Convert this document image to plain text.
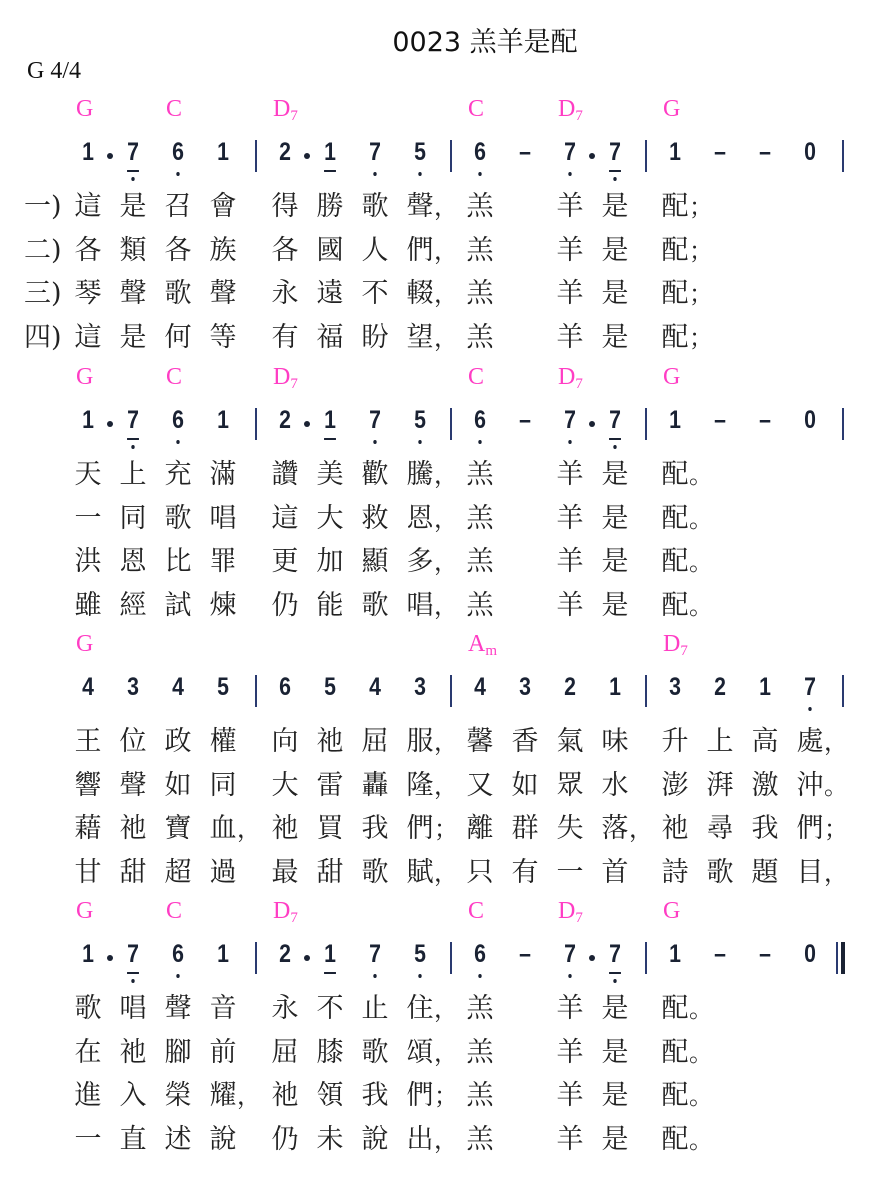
0023 羔羊是配
G 4/4
G	C	$D_7$	C	$D_7$	G
1 7 6 1 2 1 7 5 6 – 7 7 1 – – 0
一) 這 是 召 會 得 勝 歌 聲 ， 羔 羊 是 配 ；
二) 各 類 各 族 各 國 人 們 ， 羔 羊 是 配 ；
三) 琴 聲 歌 聲 永 遠 不 輟 ， 羔 羊 是 配 ；
四) 這 是 何 等 有 福 盼 望 ， 羔 羊 是 配 ；
G	C	$D_7$	C	$D_7$	G
1 7 6 1 2 1 7 5 6 – 7 7 1 – – 0
天 上 充 滿 讚 美 歡 騰 ， 羔 羊 是 配 。
一 同 歌 唱 這 大 救 恩 ， 羔 羊 是 配 。
洪 恩 比 罪 更 加 顯 多 ， 羔 羊 是 配 。
雖 經 試 煉 仍 能 歌 唱 ， 羔 羊 是 配 。
G	$A_m$	$D_7$
4 3 4 5 6 5 4 3 4 3 2 1 3 2 1 7
王 位 政 權 向 祂 屈 服 ， 馨 香 氣 味 升 上 高 處 ，
響 聲 如 同 大 雷 轟 隆 ， 又 如 眾 水 澎 湃 激 沖 。
藉 祂 寶 血 ， 祂 買 我 們 ； 離 群 失 落 ， 祂 尋 我 們 ；
甘 甜 超 過 最 甜 歌 賦 ， 只 有 一 首 詩 歌 題 目 ，
G	C	$D_7$	C	$D_7$	G
1 7 6 1 2 1 7 5 6 – 7 7 1 – – 0
歌 唱 聲 音 永 不 止 住 ， 羔 羊 是 配 。
在 祂 腳 前 屈 膝 歌 頌 ， 羔 羊 是 配 。
進 入 榮 耀 ， 祂 領 我 們 ； 羔 羊 是 配 。
一 直 述 說 仍 未 說 出 ， 羔 羊 是 配 。
